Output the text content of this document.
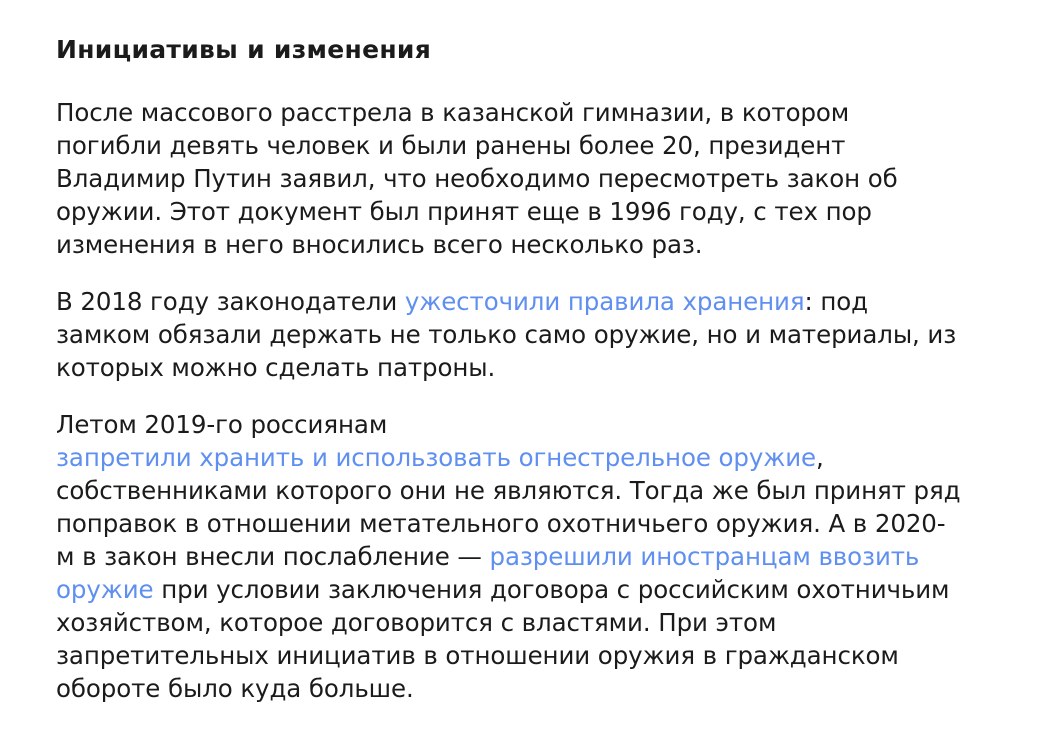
Инициативы и изменения
После массового расстрела в казанской гимназии, в котором
погибли девять человек и были ранены более 20, президент
Владимир Путин заявил, что необходимо пересмотреть закон об
оружии. Этот документ был принят еще в 1996 году, с тех пор
изменения в него вносились всего несколько раз.
В 2018 году законодатели ужесточили правила хранения: под
замком обязали держать не только само оружие, но и материалы, из
которых можно сделать патроны.
Летом 2019-го россиянам
запретили хранить и использовать огнестрельное оружие,
собственниками которого они не являются. Тогда же был принят ряд
поправок в отношении метательного охотничьего оружия. А в 2020-
м в закон внесли послабление — разрешили иностранцам ввозить
оружие при условии заключения договора с российским охотничьим
хозяйством, которое договорится с властями. При этом
запретительных инициатив в отношении оружия в гражданском
обороте было куда больше.
